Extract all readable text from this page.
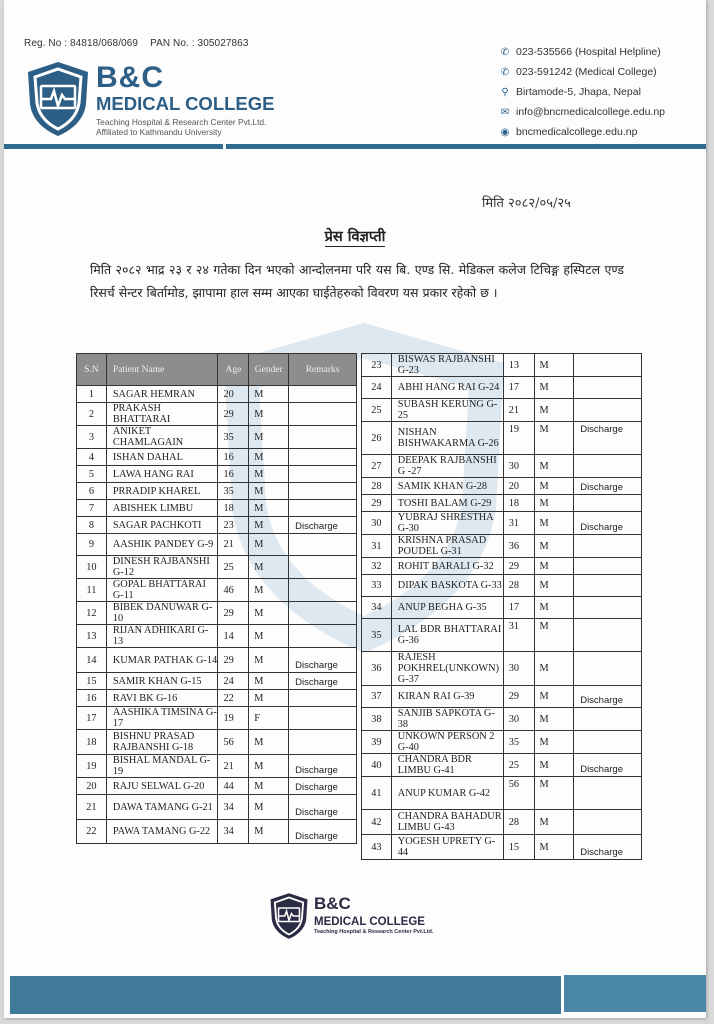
Reg. No : 84818/068/069 PAN No. : 305027863
B&C
MEDICAL COLLEGE
Teaching Hospital & Research Center Pvt.Ltd.
Affiliated to Kathmandu University
✆ 023-535566 (Hospital Helpline)
✆ 023-591242 (Medical College)
⚲ Birtamode-5, Jhapa, Nepal
✉ info@bncmedicalcollege.edu.np
◉ bncmedicalcollege.edu.np
मिति २०८२/०५/२५
प्रेस विज्ञप्ती
मिति २०८२ भाद्र २३ र २४ गतेका दिन भएको आन्दोलनमा परि यस बि. एण्ड सि. मेडिकल कलेज टिचिङ्ग हस्पिटल एण्ड रिसर्च सेन्टर बिर्तामोड, झापामा हाल सम्म आएका घाईतेहरुको विवरण यस प्रकार रहेको छ ।
S.N	Patient Name	Age	Gender	Remarks
1	SAGAR HEMRAN	20	M	
2	PRAKASH BHATTARAI	29	M	
3	ANIKET CHAMLAGAIN	35	M	
4	ISHAN DAHAL	16	M	
5	LAWA HANG RAI	16	M	
6	PRRADIP KHAREL	35	M	
7	ABISHEK LIMBU	18	M	
8	SAGAR PACHKOTI	23	M	Discharge
9	AASHIK PANDEY G-9	21	M	
10	DINESH RAJBANSHI G-12	25	M	
11	GOPAL BHATTARAI G-11	46	M	
12	BIBEK DANUWAR G-10	29	M	
13	RIJAN ADHIKARI G-13	14	M	
14	KUMAR PATHAK G-14	29	M	Discharge
15	SAMIR KHAN G-15	24	M	Discharge
16	RAVI BK G-16	22	M	
17	AASHIKA TIMSINA G-17	19	F	
18	BISHNU PRASAD RAJBANSHI G-18	56	M	
19	BISHAL MANDAL G-19	21	M	Discharge
20	RAJU SELWAL G-20	44	M	Discharge
21	DAWA TAMANG G-21	34	M	Discharge
22	PAWA TAMANG G-22	34	M	Discharge
23	BISWAS RAJBANSHI G-23	13	M	
24	ABHI HANG RAI G-24	17	M	
25	SUBASH KERUNG G-25	21	M	
26	NISHAN BISHWAKARMA G-26	19	M	Discharge
27	DEEPAK RAJBANSHI G -27	30	M	
28	SAMIK KHAN G-28	20	M	Discharge
29	TOSHI BALAM G-29	18	M	
30	YUBRAJ SHRESTHA G-30	31	M	Discharge
31	KRISHNA PRASAD POUDEL G-31	36	M	
32	ROHIT BARALI G-32	29	M	
33	DIPAK BASKOTA G-33	28	M	
34	ANUP BEGHA G-35	17	M	
35	LAL BDR BHATTARAI G-36	31	M	
36	RAJESH POKHREL(UNKOWN) G-37	30	M	
37	KIRAN RAI G-39	29	M	Discharge
38	SANJIB SAPKOTA G-38	30	M	
39	UNKOWN PERSON 2 G-40	35	M	
40	CHANDRA BDR LIMBU G-41	25	M	Discharge
41	ANUP KUMAR G-42	56	M	
42	CHANDRA BAHADUR LIMBU G-43	28	M	
43	YOGESH UPRETY G-44	15	M	Discharge
B&C
MEDICAL COLLEGE
Teaching Hospital & Research Center Pvt.Ltd.
